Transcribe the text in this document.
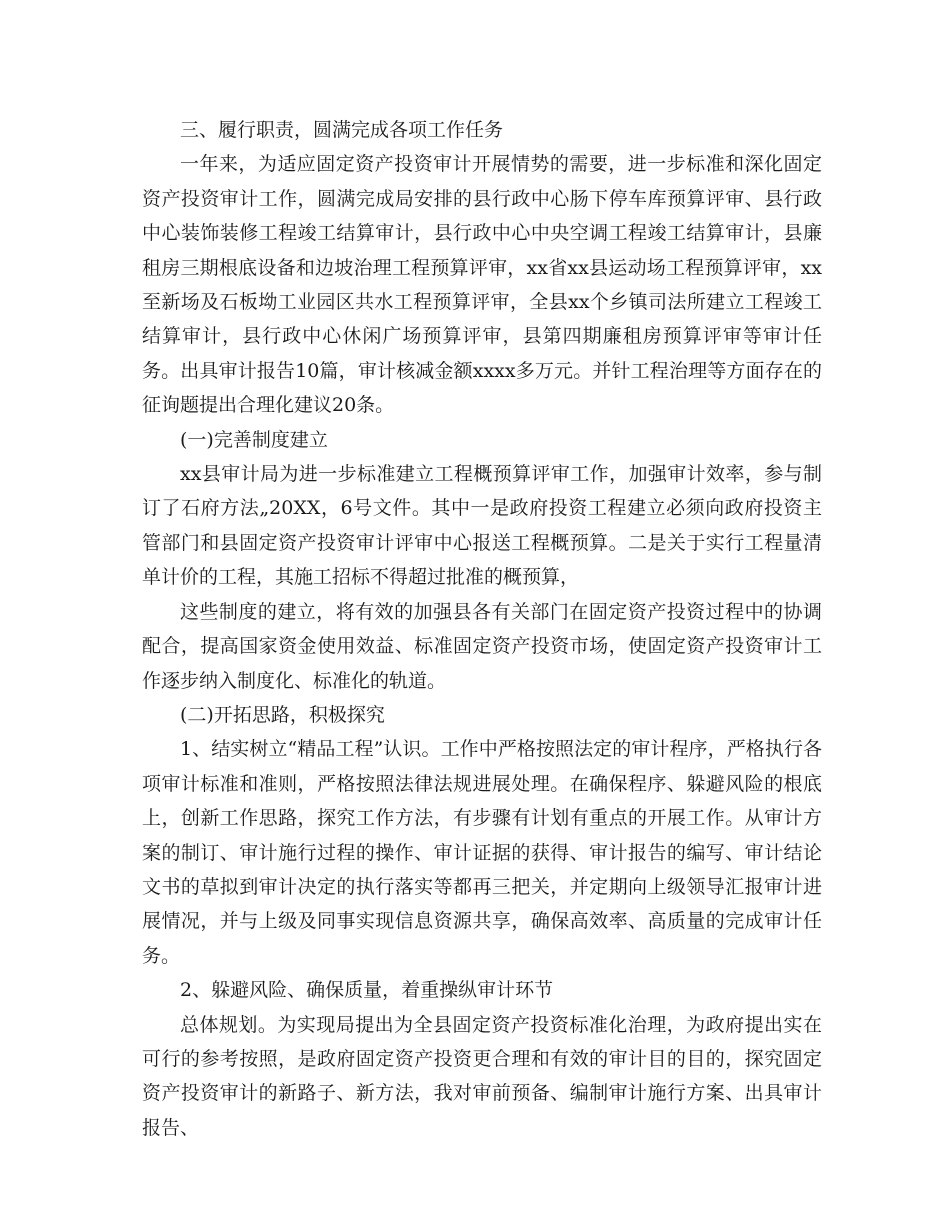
三、履行职责，圆满完成各项工作任务

一年来，为适应固定资产投资审计开展情势的需要，进一步标准和深化固定资产投资审计工作，圆满完成局安排的县行政中心肠下停车库预算评审、县行政中心装饰装修工程竣工结算审计，县行政中心中央空调工程竣工结算审计，县廉租房三期根底设备和边坡治理工程预算评审，xx省xx县运动场工程预算评审，xx至新场及石板坳工业园区共水工程预算评审，全县xx个乡镇司法所建立工程竣工结算审计，县行政中心休闲广场预算评审，县第四期廉租房预算评审等审计任务。出具审计报告10篇，审计核减金额xxxx多万元。并针工程治理等方面存在的征询题提出合理化建议20条。

(一)完善制度建立

xx县审计局为进一步标准建立工程概预算评审工作，加强审计效率，参与制订了石府方法„20XX，6号文件。其中一是政府投资工程建立必须向政府投资主管部门和县固定资产投资审计评审中心报送工程概预算。二是关于实行工程量清单计价的工程，其施工招标不得超过批准的概预算，

这些制度的建立，将有效的加强县各有关部门在固定资产投资过程中的协调配合，提高国家资金使用效益、标准固定资产投资市场，使固定资产投资审计工作逐步纳入制度化、标准化的轨道。

(二)开拓思路，积极探究

1、结实树立“精品工程”认识。工作中严格按照法定的审计程序，严格执行各项审计标准和准则，严格按照法律法规进展处理。在确保程序、躲避风险的根底上，创新工作思路，探究工作方法，有步骤有计划有重点的开展工作。从审计方案的制订、审计施行过程的操作、审计证据的获得、审计报告的编写、审计结论文书的草拟到审计决定的执行落实等都再三把关，并定期向上级领导汇报审计进展情况，并与上级及同事实现信息资源共享，确保高效率、高质量的完成审计任务。

2、躲避风险、确保质量，着重操纵审计环节

总体规划。为实现局提出为全县固定资产投资标准化治理，为政府提出实在可行的参考按照，是政府固定资产投资更合理和有效的审计目的目的，探究固定资产投资审计的新路子、新方法，我对审前预备、编制审计施行方案、出具审计报告、
